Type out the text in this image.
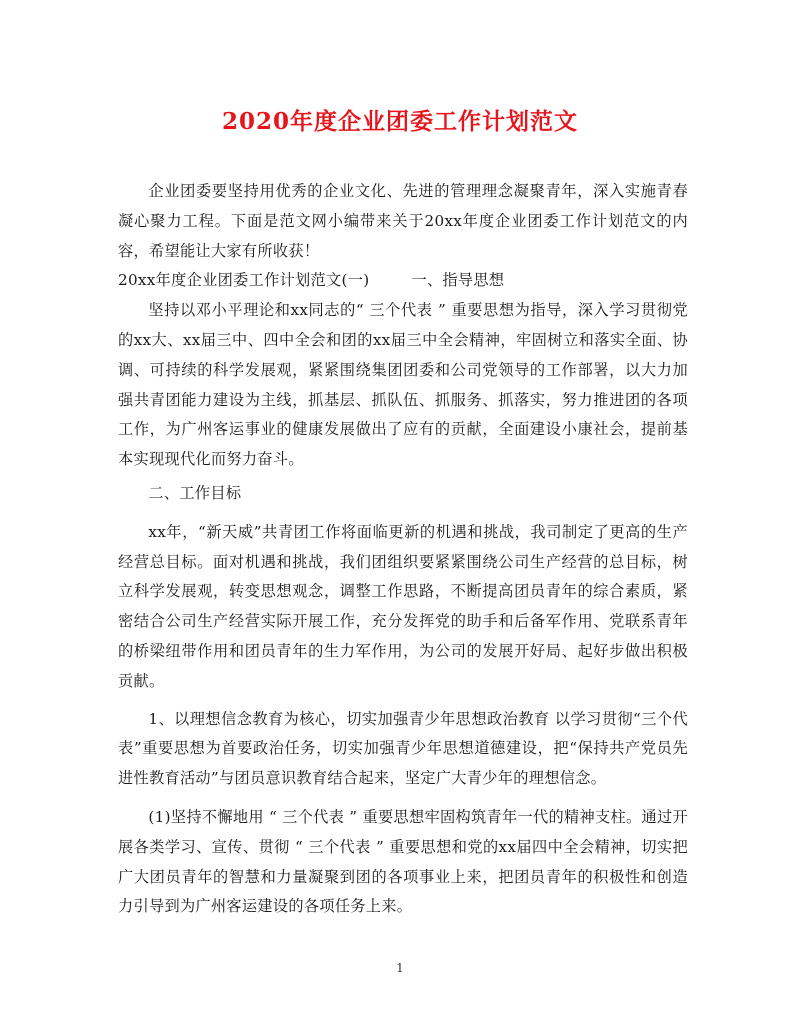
2020年度企业团委工作计划范文

企业团委要坚持用优秀的企业文化、先进的管理理念凝聚青年，深入实施青春凝心聚力工程。下面是范文网小编带来关于20xx年度企业团委工作计划范文的内容，希望能让大家有所收获！

20xx年度企业团委工作计划范文(一)	一、指导思想

坚持以邓小平理论和xx同志的“ 三个代表 ” 重要思想为指导，深入学习贯彻党的xx大、xx届三中、四中全会和团的xx届三中全会精神，牢固树立和落实全面、协调、可持续的科学发展观，紧紧围绕集团团委和公司党领导的工作部署，以大力加强共青团能力建设为主线，抓基层、抓队伍、抓服务、抓落实，努力推进团的各项工作，为广州客运事业的健康发展做出了应有的贡献，全面建设小康社会，提前基本实现现代化而努力奋斗。

二、工作目标

xx年，“新天威”共青团工作将面临更新的机遇和挑战，我司制定了更高的生产经营总目标。面对机遇和挑战，我们团组织要紧紧围绕公司生产经营的总目标，树立科学发展观，转变思想观念，调整工作思路，不断提高团员青年的综合素质，紧密结合公司生产经营实际开展工作，充分发挥党的助手和后备军作用、党联系青年的桥梁纽带作用和团员青年的生力军作用，为公司的发展开好局、起好步做出积极贡献。

1、以理想信念教育为核心，切实加强青少年思想政治教育 以学习贯彻“三个代表”重要思想为首要政治任务，切实加强青少年思想道德建设，把“保持共产党员先进性教育活动”与团员意识教育结合起来，坚定广大青少年的理想信念。

(1)坚持不懈地用 “ 三个代表 ” 重要思想牢固构筑青年一代的精神支柱。通过开展各类学习、宣传、贯彻 “ 三个代表 ” 重要思想和党的xx届四中全会精神，切实把广大团员青年的智慧和力量凝聚到团的各项事业上来，把团员青年的积极性和创造力引导到为广州客运建设的各项任务上来。

1
